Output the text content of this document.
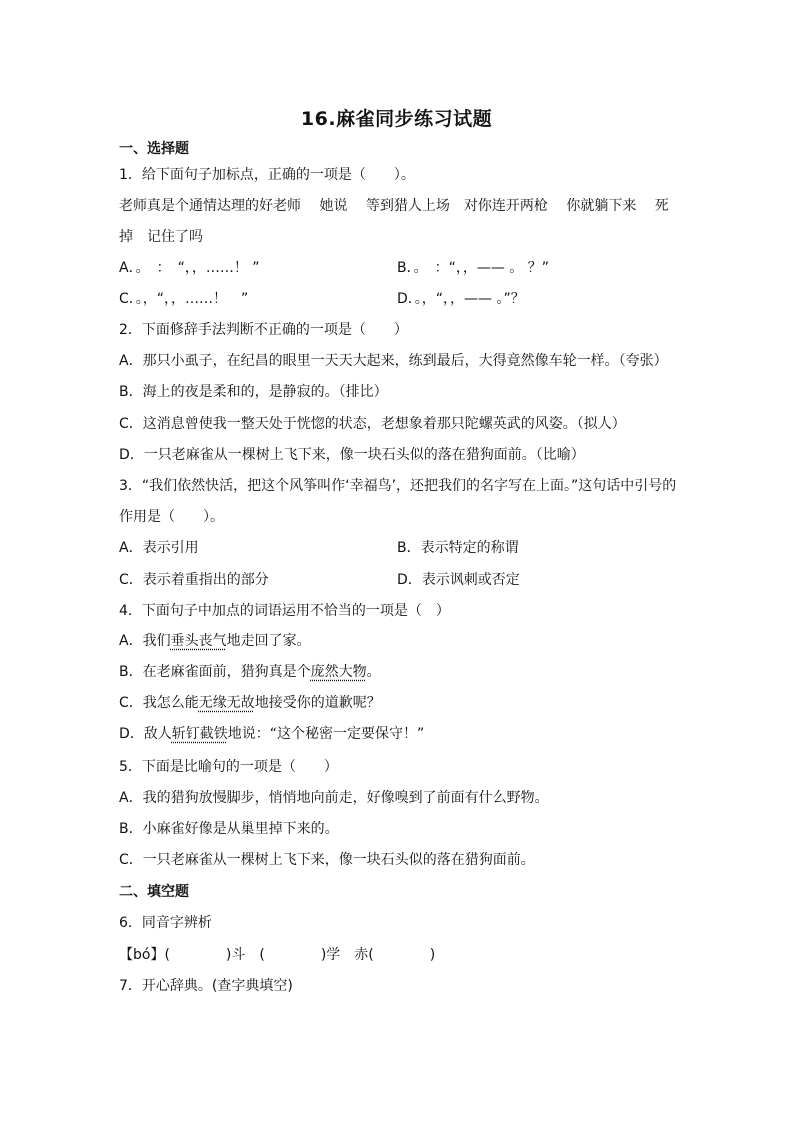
16.麻雀同步练习试题
一、选择题
1．给下面句子加标点，正确的一项是（　　）。
老师真是个通情达理的好老师　 她说　 等到猎人上场　对你连开两枪　 你就躺下来　 死
掉　记住了吗
A．。　：　“，，……！ ”	B．。　：“，，—— 。 ？”
C．。，“，，……！　”	D．。，“，，—— 。”？
2．下面修辞手法判断不正确的一项是（　　）
A．那只小虱子，在纪昌的眼里一天天大起来，练到最后，大得竟然像车轮一样。（夸张）
B．海上的夜是柔和的，是静寂的。（排比）
C．这消息曾使我一整天处于恍惚的状态，老想象着那只陀螺英武的风姿。（拟人）
D．一只老麻雀从一棵树上飞下来，像一块石头似的落在猎狗面前。（比喻）
3．“我们依然快活，把这个风筝叫作‘幸福鸟’，还把我们的名字写在上面。”这句话中引号的
作用是（　　）。
A．表示引用	B．表示特定的称谓
C．表示着重指出的部分	D．表示讽刺或否定
4．下面句子中加点的词语运用不恰当的一项是（　）
A．我们垂头丧气地走回了家。
B．在老麻雀面前，猎狗真是个庞然大物。
C．我怎么能无缘无故地接受你的道歉呢？
D．敌人斩钉截铁地说：“这个秘密一定要保守！”
5．下面是比喻句的一项是（　　）
A．我的猎狗放慢脚步，悄悄地向前走，好像嗅到了前面有什么野物。
B．小麻雀好像是从巢里掉下来的。
C．一只老麻雀从一棵树上飞下来，像一块石头似的落在猎狗面前。
二、填空题
6．同音字辨析
【bó】(　　　　)斗　(　　　　)学　赤(　　　　)
7．开心辞典。(查字典填空)
